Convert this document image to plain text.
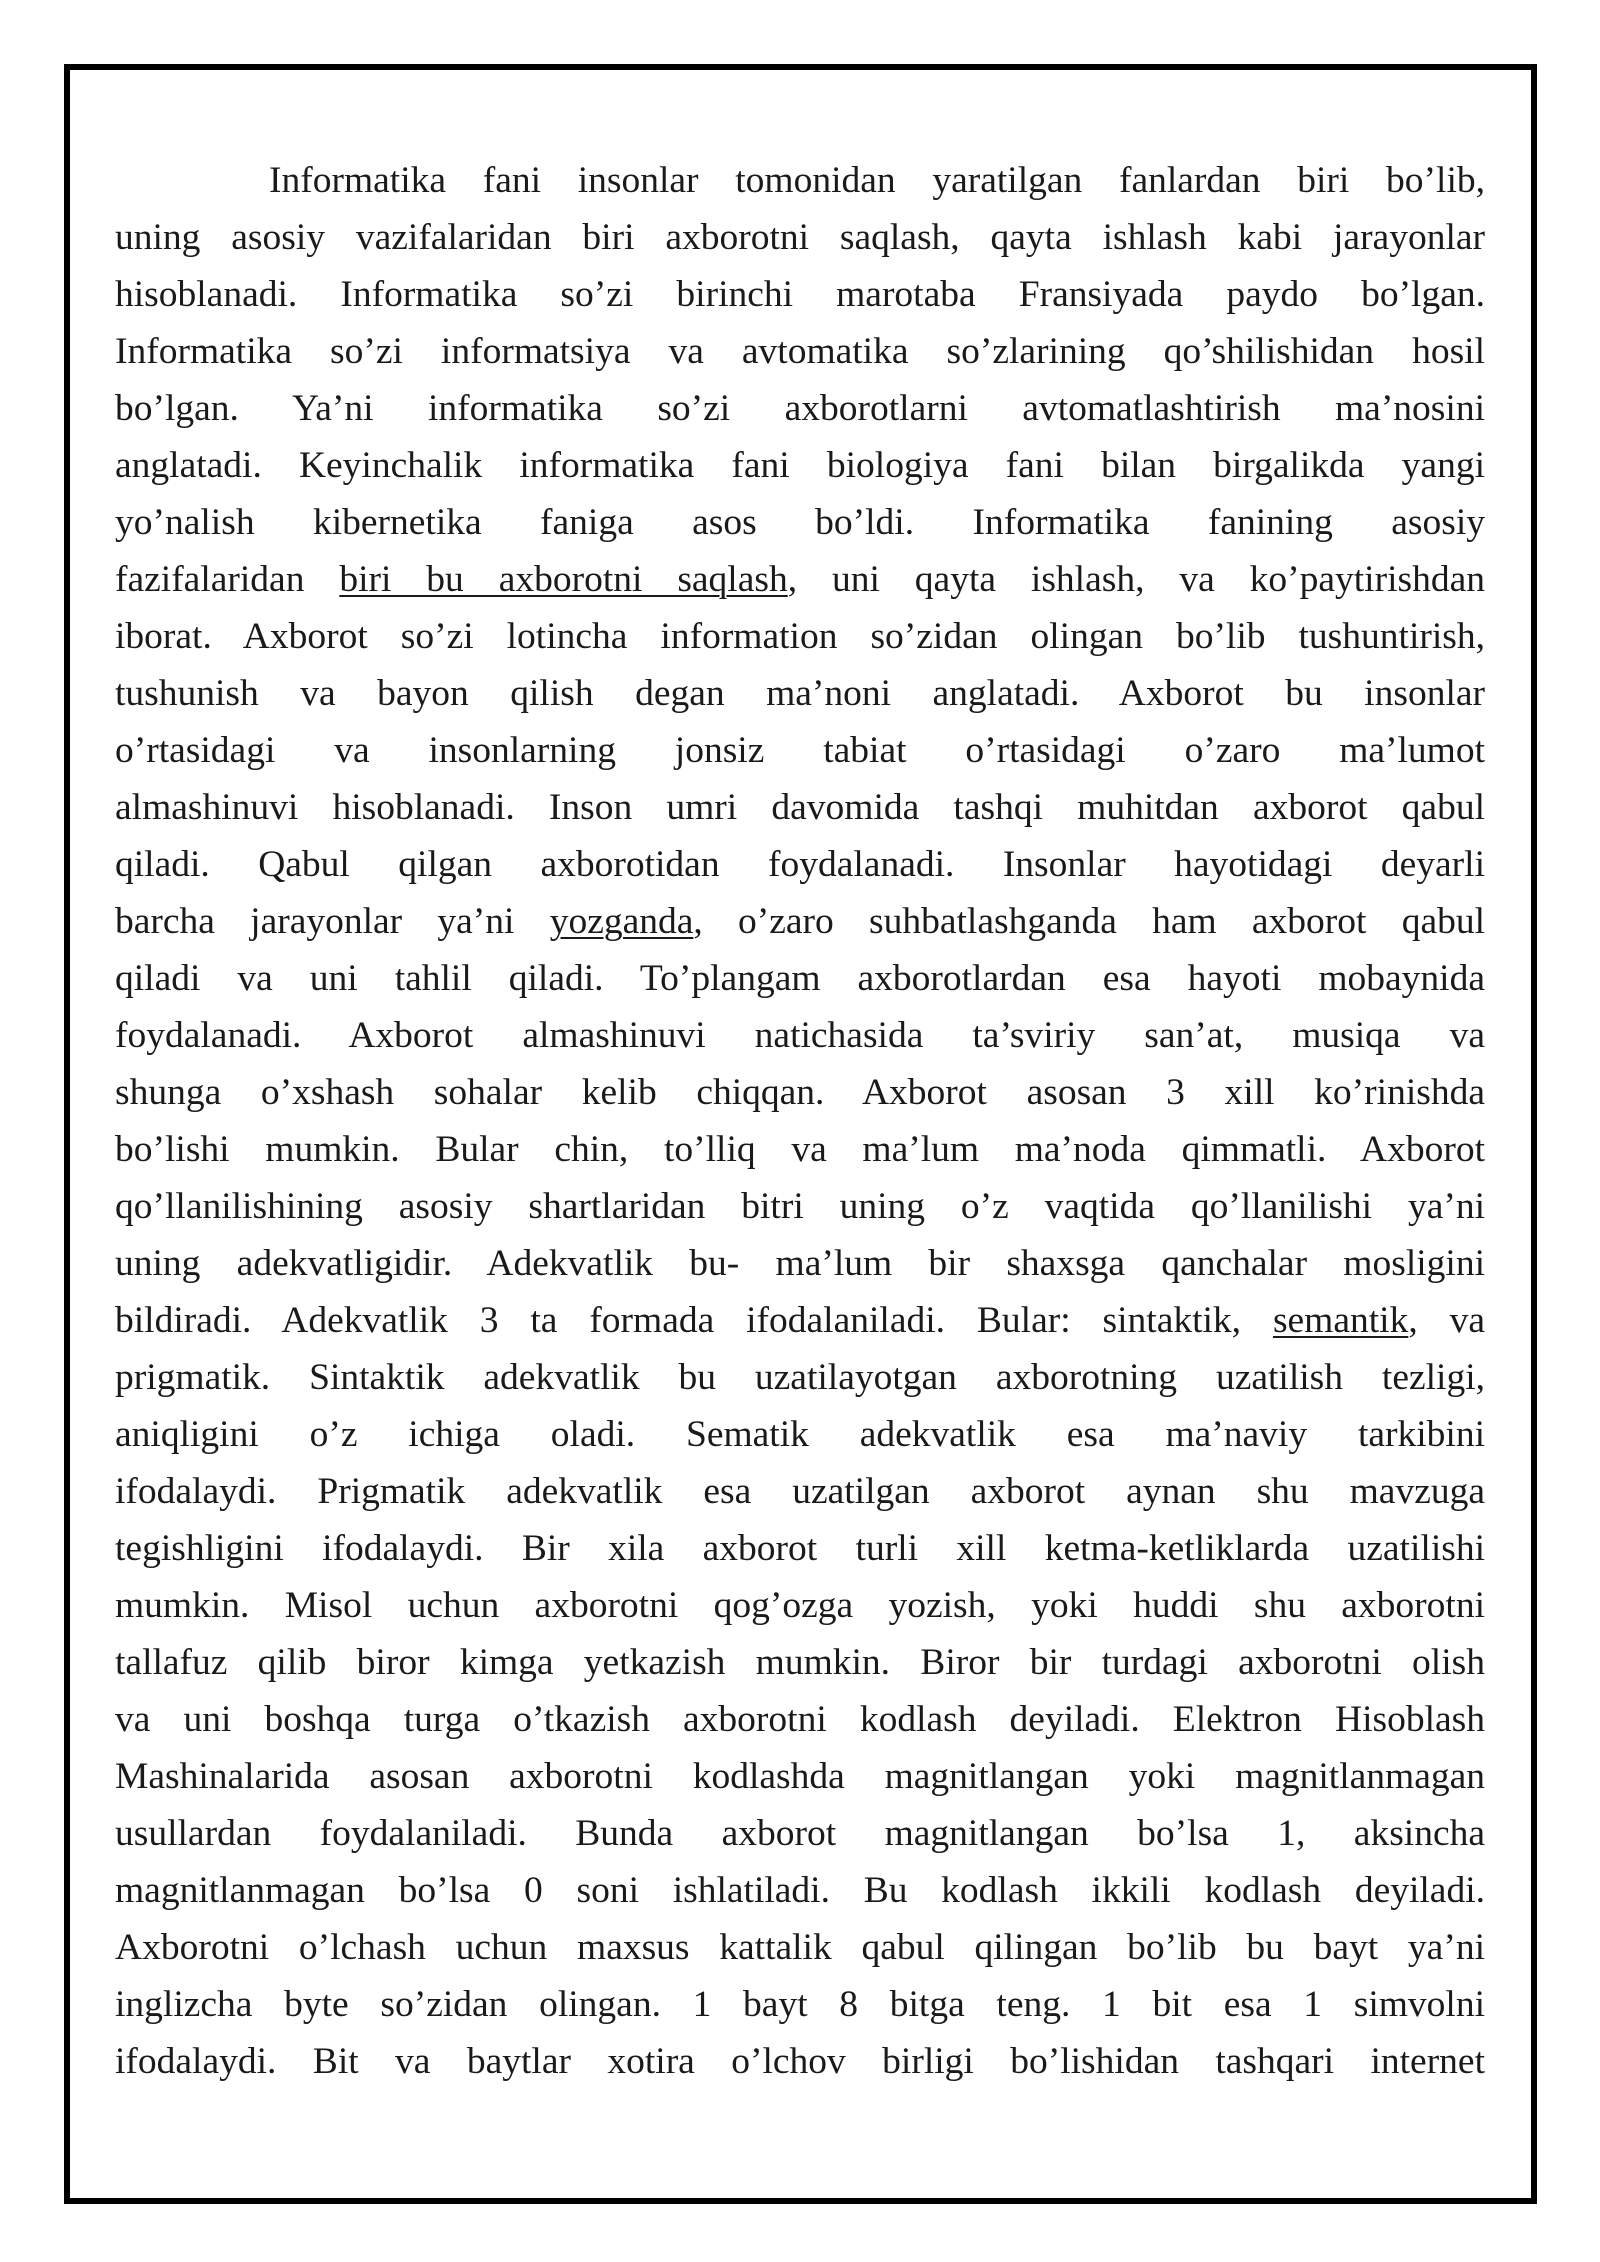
Informatika fani insonlar tomonidan yaratilgan fanlardan biri bo’lib,
uning asosiy vazifalaridan biri axborotni saqlash, qayta ishlash kabi jarayonlar
hisoblanadi. Informatika so’zi birinchi marotaba Fransiyada paydo bo’lgan.
Informatika so’zi informatsiya va avtomatika so’zlarining qo’shilishidan hosil
bo’lgan. Ya’ni informatika so’zi axborotlarni avtomatlashtirish ma’nosini
anglatadi. Keyinchalik informatika fani biologiya fani bilan birgalikda yangi
yo’nalish kibernetika faniga asos bo’ldi. Informatika fanining asosiy
fazifalaridan biri bu axborotni saqlash, uni qayta ishlash, va ko’paytirishdan
iborat. Axborot so’zi lotincha information so’zidan olingan bo’lib tushuntirish,
tushunish va bayon qilish degan ma’noni anglatadi. Axborot bu insonlar
o’rtasidagi va insonlarning jonsiz tabiat o’rtasidagi o’zaro ma’lumot
almashinuvi hisoblanadi. Inson umri davomida tashqi muhitdan axborot qabul
qiladi. Qabul qilgan axborotidan foydalanadi. Insonlar hayotidagi deyarli
barcha jarayonlar ya’ni yozganda, o’zaro suhbatlashganda ham axborot qabul
qiladi va uni tahlil qiladi. To’plangam axborotlardan esa hayoti mobaynida
foydalanadi. Axborot almashinuvi natichasida ta’sviriy san’at, musiqa va
shunga o’xshash sohalar kelib chiqqan. Axborot asosan 3 xill ko’rinishda
bo’lishi mumkin. Bular chin, to’lliq va ma’lum ma’noda qimmatli. Axborot
qo’llanilishining asosiy shartlaridan bitri uning o’z vaqtida qo’llanilishi ya’ni
uning adekvatligidir. Adekvatlik bu- ma’lum bir shaxsga qanchalar mosligini
bildiradi. Adekvatlik 3 ta formada ifodalaniladi. Bular: sintaktik, semantik, va
prigmatik. Sintaktik adekvatlik bu uzatilayotgan axborotning uzatilish tezligi,
aniqligini o’z ichiga oladi. Sematik adekvatlik esa ma’naviy tarkibini
ifodalaydi. Prigmatik adekvatlik esa uzatilgan axborot aynan shu mavzuga
tegishligini ifodalaydi. Bir xila axborot turli xill ketma-ketliklarda uzatilishi
mumkin. Misol uchun axborotni qog’ozga yozish, yoki huddi shu axborotni
tallafuz qilib biror kimga yetkazish mumkin. Biror bir turdagi axborotni olish
va uni boshqa turga o’tkazish axborotni kodlash deyiladi. Elektron Hisoblash
Mashinalarida asosan axborotni kodlashda magnitlangan yoki magnitlanmagan
usullardan foydalaniladi. Bunda axborot magnitlangan bo’lsa 1, aksincha
magnitlanmagan bo’lsa 0 soni ishlatiladi. Bu kodlash ikkili kodlash deyiladi.
Axborotni o’lchash uchun maxsus kattalik qabul qilingan bo’lib bu bayt ya’ni
inglizcha byte so’zidan olingan. 1 bayt 8 bitga teng. 1 bit esa 1 simvolni
ifodalaydi. Bit va baytlar xotira o’lchov birligi bo’lishidan tashqari internet
